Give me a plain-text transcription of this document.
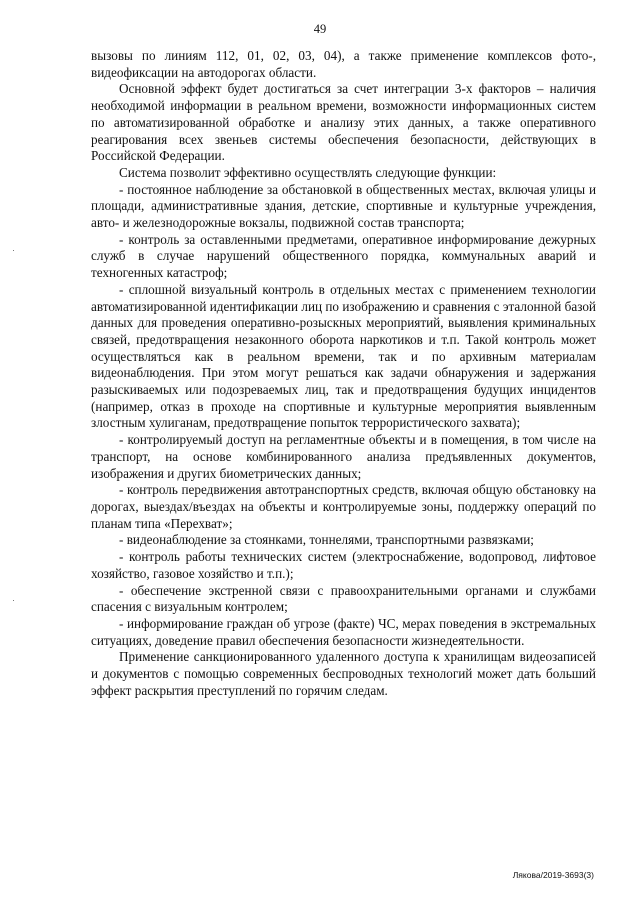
49

вызовы по линиям 112, 01, 02, 03, 04), а также применение комплексов фото-, видеофиксации на автодорогах области.

Основной эффект будет достигаться за счет интеграции 3-х факторов – наличия необходимой информации в реальном времени, возможности информационных систем по автоматизированной обработке и анализу этих данных, а также оперативного реагирования всех звеньев системы обеспечения безопасности, действующих в Российской Федерации.

Система позволит эффективно осуществлять следующие функции:

- постоянное наблюдение за обстановкой в общественных местах, включая улицы и площади, административные здания, детские, спортивные и культурные учреждения, авто- и железнодорожные вокзалы, подвижной состав транспорта;

- контроль за оставленными предметами, оперативное информирование дежурных служб в случае нарушений общественного порядка, коммунальных аварий и техногенных катастроф;

- сплошной визуальный контроль в отдельных местах с применением технологии автоматизированной идентификации лиц по изображению и сравнения с эталонной базой данных для проведения оперативно-розыскных мероприятий, выявления криминальных связей, предотвращения незаконного оборота наркотиков и т.п. Такой контроль может осуществляться как в реальном времени, так и по архивным материалам видеонаблюдения. При этом могут решаться как задачи обнаружения и задержания разыскиваемых или подозреваемых лиц, так и предотвращения будущих инцидентов (например, отказ в проходе на спортивные и культурные мероприятия выявленным злостным хулиганам, предотвращение попыток террористического захвата);

- контролируемый доступ на регламентные объекты и в помещения, в том числе на транспорт, на основе комбинированного анализа предъявленных документов, изображения и других биометрических данных;

- контроль передвижения автотранспортных средств, включая общую обстановку на дорогах, выездах/въездах на объекты и контролируемые зоны, поддержку операций по планам типа «Перехват»;

- видеонаблюдение за стоянками, тоннелями, транспортными развязками;

- контроль работы технических систем (электроснабжение, водопровод, лифтовое хозяйство, газовое хозяйство и т.п.);

- обеспечение экстренной связи с правоохранительными органами и службами спасения с визуальным контролем;

- информирование граждан об угрозе (факте) ЧС, мерах поведения в экстремальных ситуациях, доведение правил обеспечения безопасности жизнедеятельности.

Применение санкционированного удаленного доступа к хранилищам видеозаписей и документов с помощью современных беспроводных технологий может дать больший эффект раскрытия преступлений по горячим следам.

Лякова/2019-3693(3)
